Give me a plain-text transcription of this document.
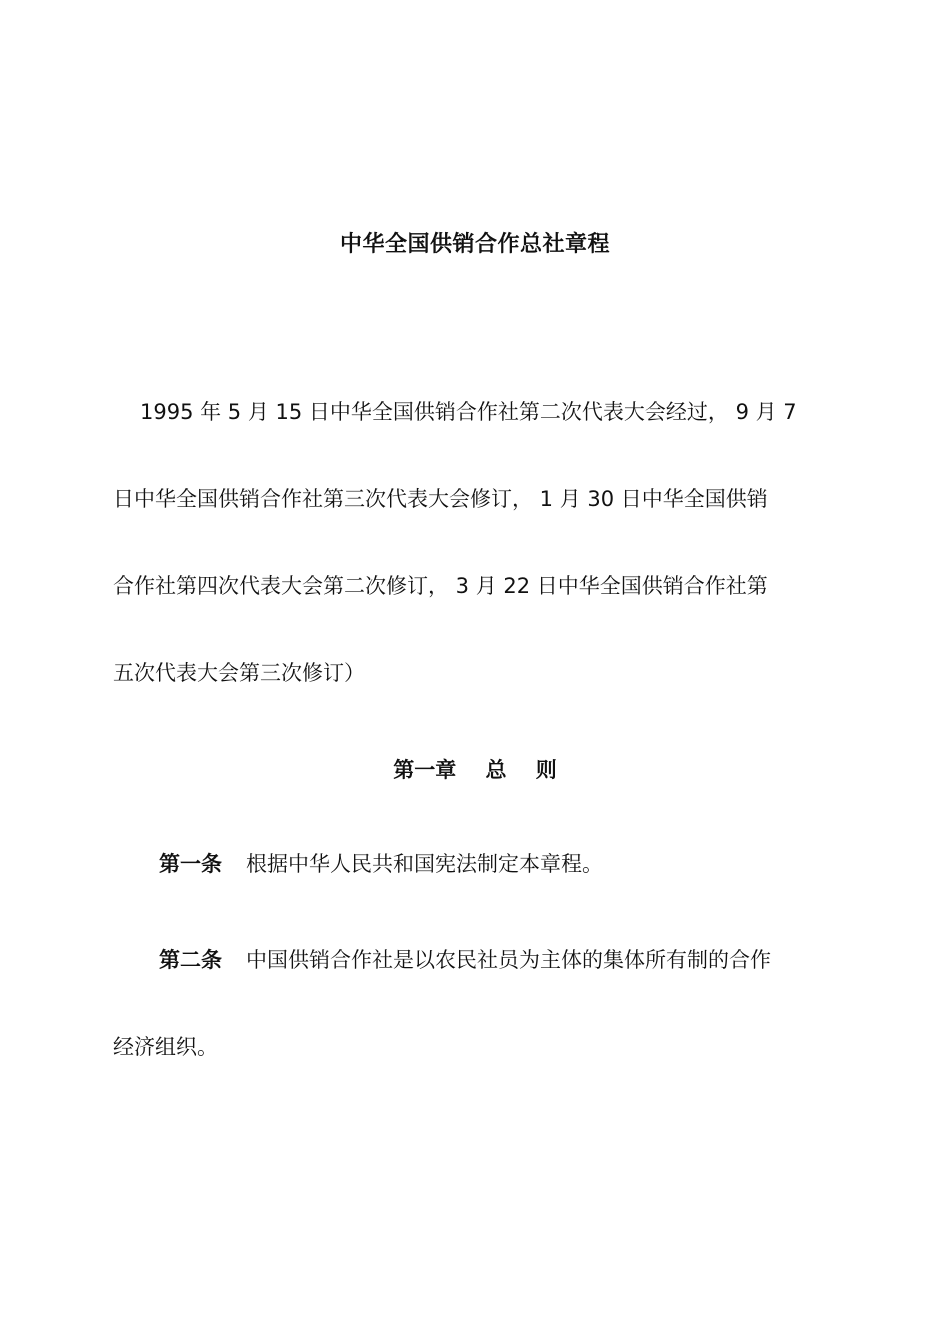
中华全国供销合作总社章程
1995 年 5 月 15 日中华全国供销合作社第二次代表大会经过， 9 月 7
日中华全国供销合作社第三次代表大会修订， 1 月 30 日中华全国供销
合作社第四次代表大会第二次修订， 3 月 22 日中华全国供销合作社第
五次代表大会第三次修订）
第一章    总    则
第一条 根据中华人民共和国宪法制定本章程。
第二条 中国供销合作社是以农民社员为主体的集体所有制的合作
经济组织。
